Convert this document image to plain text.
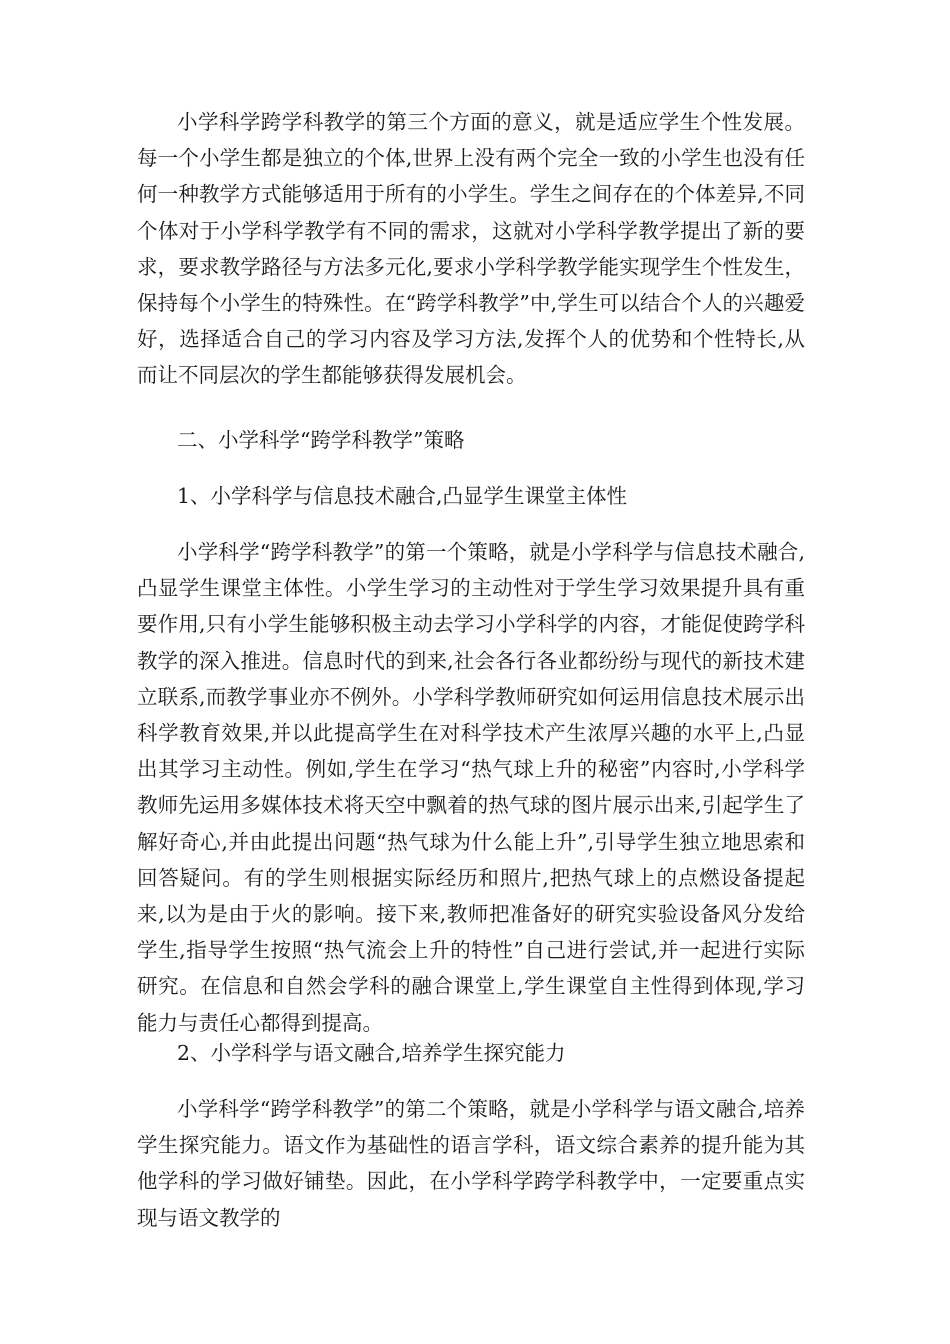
小学科学跨学科教学的第三个方面的意义，就是适应学生个性发展。每一个小学生都是独立的个体,世界上没有两个完全一致的小学生也没有任何一种教学方式能够适用于所有的小学生。学生之间存在的个体差异,不同个体对于小学科学教学有不同的需求，这就对小学科学教学提出了新的要求，要求教学路径与方法多元化,要求小学科学教学能实现学生个性发生，保持每个小学生的特殊性。在“跨学科教学”中,学生可以结合个人的兴趣爱好，选择适合自己的学习内容及学习方法,发挥个人的优势和个性特长,从而让不同层次的学生都能够获得发展机会。

二、小学科学“跨学科教学”策略

1、小学科学与信息技术融合,凸显学生课堂主体性

小学科学“跨学科教学”的第一个策略，就是小学科学与信息技术融合,凸显学生课堂主体性。小学生学习的主动性对于学生学习效果提升具有重要作用,只有小学生能够积极主动去学习小学科学的内容，才能促使跨学科教学的深入推进。信息时代的到来,社会各行各业都纷纷与现代的新技术建立联系,而教学事业亦不例外。小学科学教师研究如何运用信息技术展示出科学教育效果,并以此提高学生在对科学技术产生浓厚兴趣的水平上,凸显出其学习主动性。例如,学生在学习“热气球上升的秘密”内容时,小学科学教师先运用多媒体技术将天空中飘着的热气球的图片展示出来,引起学生了解好奇心,并由此提出问题“热气球为什么能上升”,引导学生独立地思索和回答疑问。有的学生则根据实际经历和照片,把热气球上的点燃设备提起来,以为是由于火的影响。接下来,教师把准备好的研究实验设备风分发给学生,指导学生按照“热气流会上升的特性”自己进行尝试,并一起进行实际研究。在信息和自然会学科的融合课堂上,学生课堂自主性得到体现,学习能力与责任心都得到提高。

2、小学科学与语文融合,培养学生探究能力

小学科学“跨学科教学”的第二个策略，就是小学科学与语文融合,培养学生探究能力。语文作为基础性的语言学科，语文综合素养的提升能为其他学科的学习做好铺垫。因此，在小学科学跨学科教学中，一定要重点实现与语文教学的
